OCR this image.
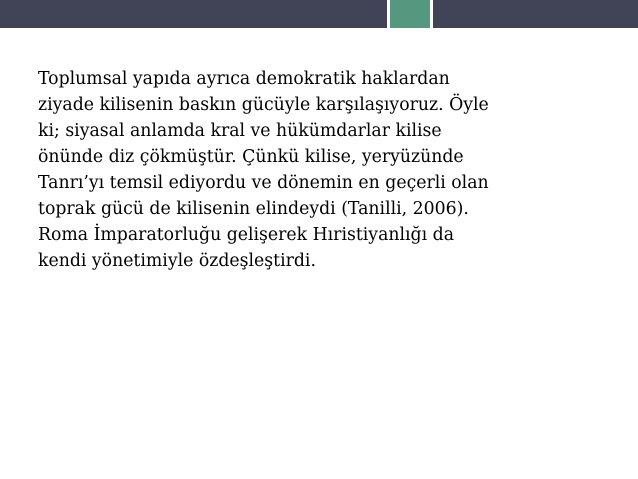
Toplumsal yapıda ayrıca demokratik haklardan
ziyade kilisenin baskın gücüyle karşılaşıyoruz. Öyle
ki; siyasal anlamda kral ve hükümdarlar kilise
önünde diz çökmüştür. Çünkü kilise, yeryüzünde
Tanrı’yı temsil ediyordu ve dönemin en geçerli olan
toprak gücü de kilisenin elindeydi (Tanilli, 2006).
Roma İmparatorluğu gelişerek Hıristiyanlığı da
kendi yönetimiyle özdeşleştirdi.
